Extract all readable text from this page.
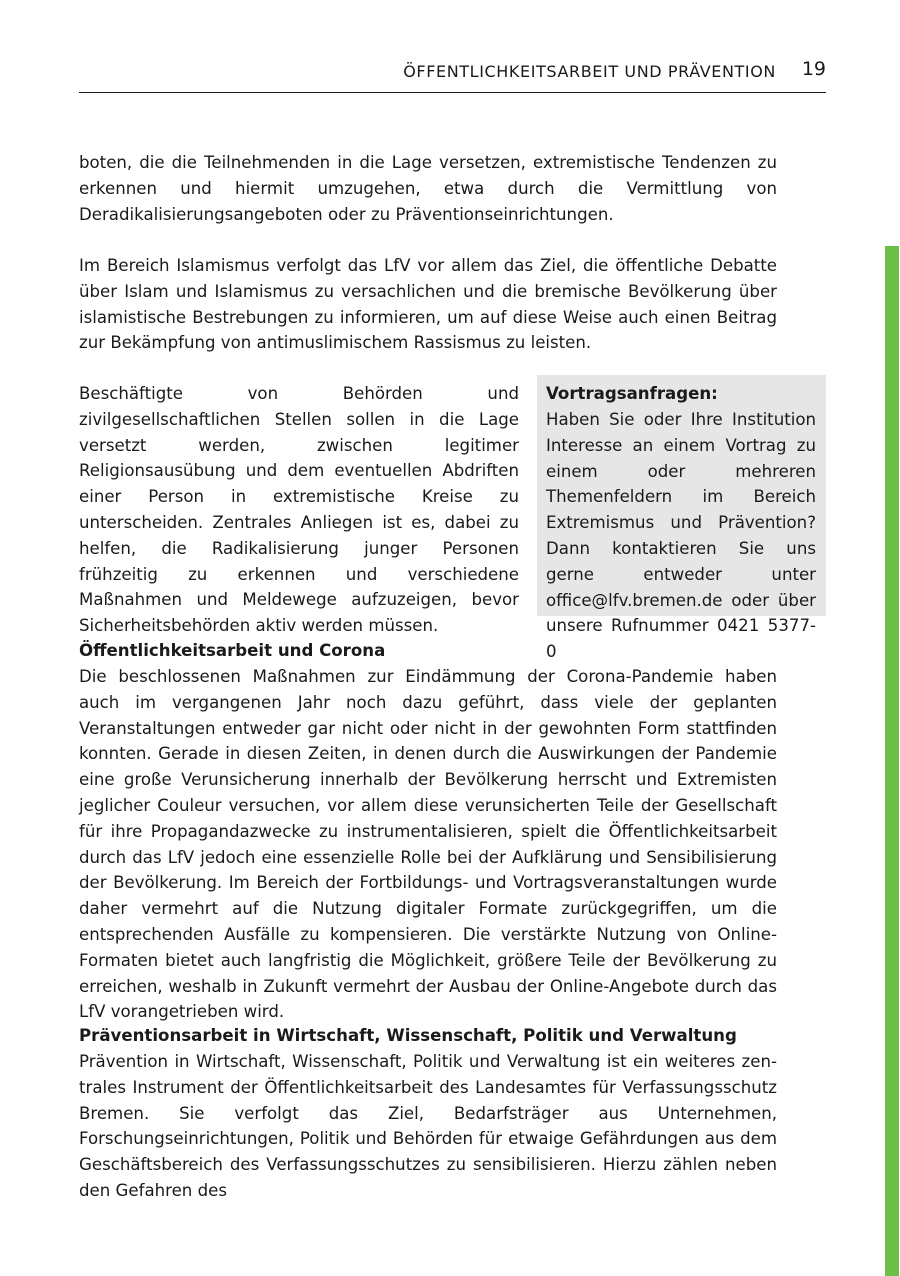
ÖFFENTLICHKEITSARBEIT UND PRÄVENTION 19

boten, die die Teilnehmenden in die Lage versetzen, extremistische Tendenzen zu erkennen und hiermit umzugehen, etwa durch die Vermittlung von Deradikalisierungsangeboten oder zu Präventionseinrichtungen.

Im Bereich Islamismus verfolgt das LfV vor allem das Ziel, die öffentliche Debatte über Islam und Islamismus zu versachlichen und die bremische Bevölkerung über islamistische Bestrebungen zu informieren, um auf diese Weise auch einen Beitrag zur Bekämpfung von antimuslimischem Rassismus zu leisten.

Beschäftigte von Behörden und zivilgesellschaftlichen Stellen sollen in die Lage versetzt werden, zwischen legitimer Religionsausübung und dem eventuellen Abdriften einer Person in extremistische Kreise zu unterscheiden. Zentrales Anliegen ist es, dabei zu helfen, die Radikalisierung junger Personen frühzeitig zu erkennen und verschiedene Maßnahmen und Meldewege aufzuzeigen, bevor Sicherheitsbehörden aktiv werden müssen.

Vortragsanfragen:

Haben Sie oder Ihre Institution Interesse an einem Vortrag zu einem oder mehreren Themenfeldern im Bereich Extremismus und Prävention? Dann kontaktieren Sie uns gerne entweder unter office@lfv.bremen.de oder über unsere Rufnummer 0421 5377-0

Öffentlichkeitsarbeit und Corona

Die beschlossenen Maßnahmen zur Eindämmung der Corona-Pandemie haben auch im vergangenen Jahr noch dazu geführt, dass viele der geplanten Veranstaltungen entweder gar nicht oder nicht in der gewohnten Form stattfinden konnten. Gerade in diesen Zeiten, in denen durch die Auswirkungen der Pandemie eine große Verunsicherung innerhalb der Bevölkerung herrscht und Extremisten jeglicher Couleur versuchen, vor allem diese verunsicherten Teile der Gesellschaft für ihre Propagandazwecke zu instrumentalisieren, spielt die Öffentlichkeitsarbeit durch das LfV jedoch eine essenzielle Rolle bei der Aufklärung und Sensibilisierung der Bevölkerung. Im Bereich der Fortbildungs- und Vortragsveranstaltungen wurde daher vermehrt auf die Nutzung digitaler Formate zurückgegriffen, um die entsprechenden Ausfälle zu kompensieren. Die verstärkte Nutzung von Online-Formaten bietet auch langfristig die Möglichkeit, größere Teile der Bevölkerung zu erreichen, weshalb in Zukunft vermehrt der Ausbau der Online-Angebote durch das LfV vorangetrieben wird.

Präventionsarbeit in Wirtschaft, Wissenschaft, Politik und Verwaltung

Prävention in Wirtschaft, Wissenschaft, Politik und Verwaltung ist ein weiteres zentrales Instrument der Öffentlichkeitsarbeit des Landesamtes für Verfassungsschutz Bremen. Sie verfolgt das Ziel, Bedarfsträger aus Unternehmen, Forschungseinrichtungen, Politik und Behörden für etwaige Gefährdungen aus dem Geschäftsbereich des Verfassungsschutzes zu sensibilisieren. Hierzu zählen neben den Gefahren des
